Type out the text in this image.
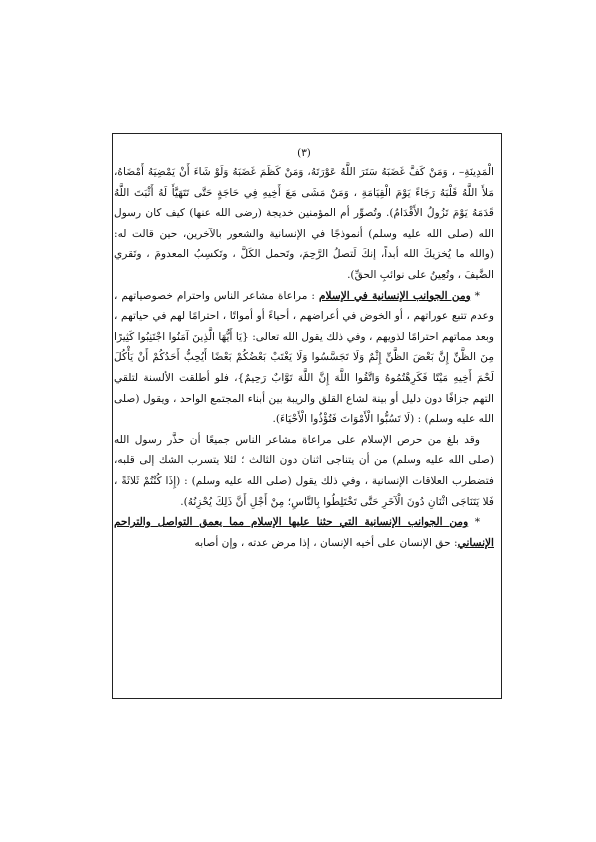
(٣)

الْمَدِينَةِ– ، وَمَنْ كَفَّ غَضَبَهُ سَتَرَ اللَّهُ عَوْرَتَهُ، وَمَنْ كَظَمَ غَضَبَهُ وَلَوْ شَاءَ أَنْ يَمْضِيَهُ أَمْضَاهُ، مَلأَ اللَّهُ قَلْبَهُ رَجَاءً يَوْمَ الْقِيَامَةِ ، وَمَنْ مَشَى مَعَ أَخِيهِ فِي حَاجَةٍ حَتَّى تَتَهَيَّأَ لَهُ أَثْبَتَ اللَّهُ قَدَمَهُ يَوْمَ تَزُولُ الأَقْدَامُ). وتُصوِّر أم المؤمنين خديجة (رضى الله عنها) كيف كان رسول الله (صلى الله عليه وسلم) أنموذجًا في الإنسانية والشعور بالآخرين، حين قالت له: (والله ما يُخزيكَ الله أبداً، إنكَ لَتصلُ الرَّحِمَ، وتَحمل الكَلَّ ، وتَكسِبُ المعدومَ ، وتَقري الضَّيفَ ، وتُعِينُ على نوائبِ الحقِّ).

* ومن الجوانب الإنسانية في الإسلام : مراعاة مشاعر الناس واحترام خصوصياتهم ، وعدم تتبع عوراتهم ، أو الخوض في أعراضهم ، أحياءً أو أمواتًا ، احترامًا لهم في حياتهم ، وبعد مماتهم احترامًا لذويهم ، وفي ذلك يقول الله تعالى: {يَا أَيُّهَا الَّذِينَ آمَنُوا اجْتَنِبُوا كَثِيرًا مِنَ الظَّنِّ إِنَّ بَعْضَ الظَّنِّ إِثْمٌ وَلَا تَجَسَّسُوا وَلَا يَغْتَبْ بَعْضُكُمْ بَعْضًا أَيُحِبُّ أَحَدُكُمْ أَنْ يَأْكُلَ لَحْمَ أَخِيهِ مَيْتًا فَكَرِهْتُمُوهُ وَاتَّقُوا اللَّهَ إِنَّ اللَّهَ تَوَّابٌ رَحِيمٌ}، فلو أطلقت الألسنة لتلقي التهم جزافًا دون دليل أو بينة لشاع القلق والريبة بين أبناء المجتمع الواحد ، ويقول (صلى الله عليه وسلم) : (لَا تَسُبُّوا الْأَمْوَاتَ فَتُؤْذُوا الْأَحْيَاءَ).

وقد بلغ من حرص الإسلام على مراعاة مشاعر الناس جميعًا أن حذَّر رسول الله (صلى الله عليه وسلم) من أن يتناجى اثنان دون الثالث ؛ لئلا يتسرب الشك إلى قلبه، فتضطرب العلاقات الإنسانية ، وفي ذلك يقول (صلى الله عليه وسلم) : (إِذَا كُنْتُمْ ثَلاثَةً ، فَلا يَتَنَاجَى اثْنَانِ دُونَ الْآخَرِ حَتَّى تَخْتَلِطُوا بِالنَّاسِ؛ مِنْ أَجْلِ أَنَّ ذَلِكَ يُحْزِنُهُ).

* ومن الجوانب الإنسانية التي حثنا عليها الإسلام مما يعمق التواصل والتراحم الإنساني: حق الإنسان على أخيه الإنسان ، إذا مرض عدته ، وإن أصابه
